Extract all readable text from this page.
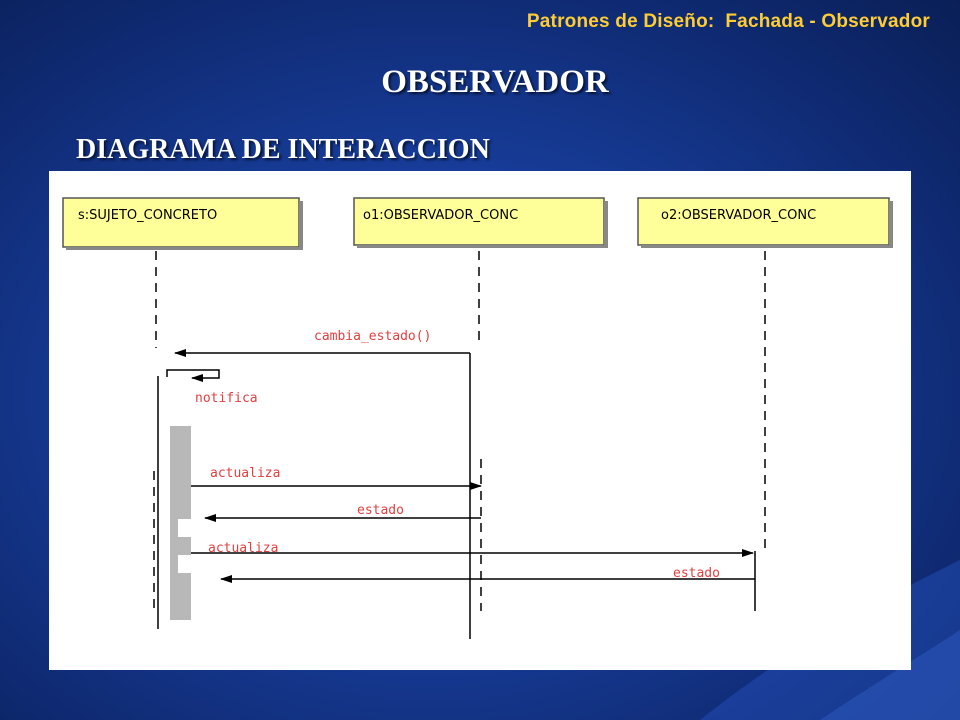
Patrones de Diseño:  Fachada - Observador
OBSERVADOR
DIAGRAMA DE INTERACCION
s:SUJETO_CONCRETO	o1:OBSERVADOR_CONC	o2:OBSERVADOR_CONC
cambia_estado()
notifica
actualiza
estado
actualiza
estado
